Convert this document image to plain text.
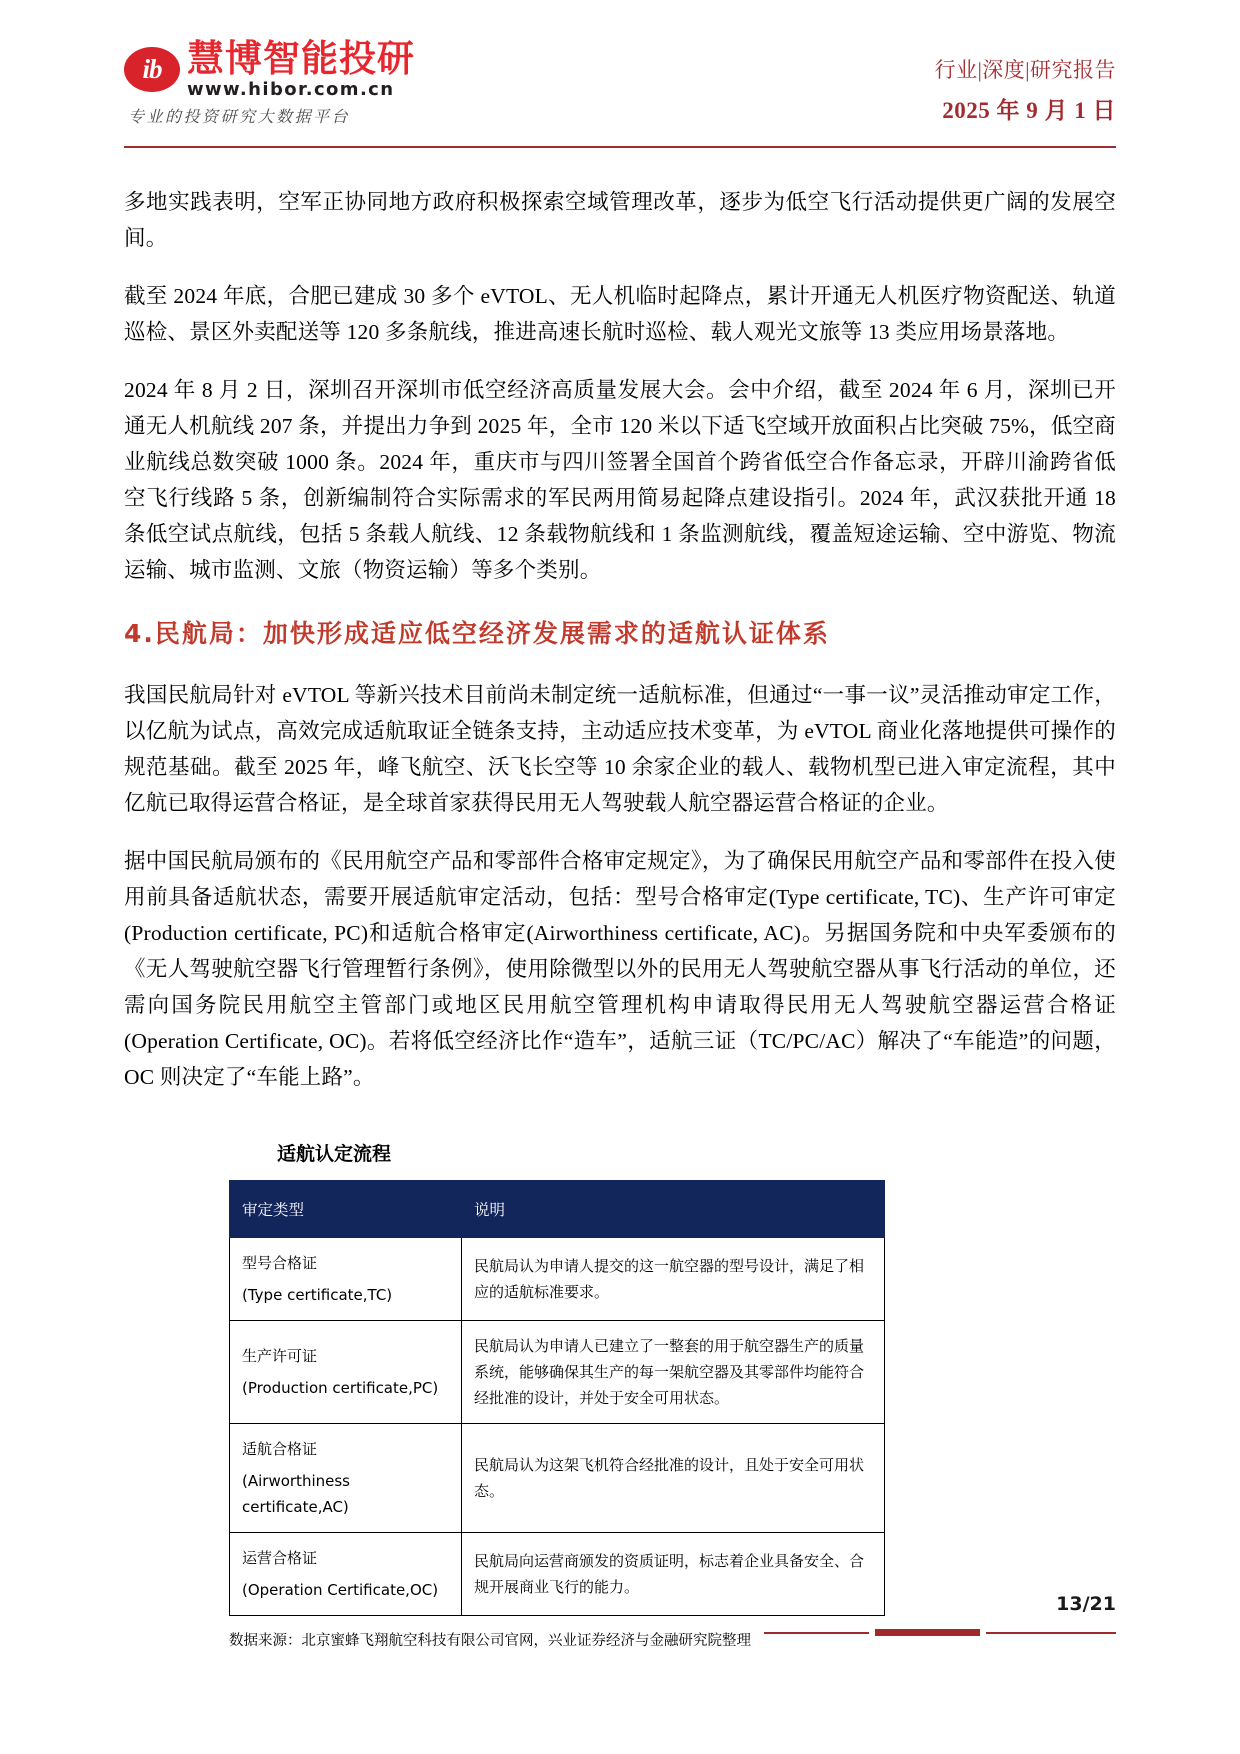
ib 慧博智能投研
www.hibor.com.cn
专业的投资研究大数据平台
行业|深度|研究报告
2025 年 9 月 1 日

多地实践表明，空军正协同地方政府积极探索空域管理改革，逐步为低空飞行活动提供更广阔的发展空间。

截至 2024 年底，合肥已建成 30 多个 eVTOL、无人机临时起降点，累计开通无人机医疗物资配送、轨道巡检、景区外卖配送等 120 多条航线，推进高速长航时巡检、载人观光文旅等 13 类应用场景落地。

2024 年 8 月 2 日，深圳召开深圳市低空经济高质量发展大会。会中介绍，截至 2024 年 6 月，深圳已开通无人机航线 207 条，并提出力争到 2025 年，全市 120 米以下适飞空域开放面积占比突破 75%，低空商业航线总数突破 1000 条。2024 年，重庆市与四川签署全国首个跨省低空合作备忘录，开辟川渝跨省低空飞行线路 5 条，创新编制符合实际需求的军民两用简易起降点建设指引。2024 年，武汉获批开通 18 条低空试点航线，包括 5 条载人航线、12 条载物航线和 1 条监测航线，覆盖短途运输、空中游览、物流运输、城市监测、文旅（物资运输）等多个类别。

4.民航局：加快形成适应低空经济发展需求的适航认证体系

我国民航局针对 eVTOL 等新兴技术目前尚未制定统一适航标准，但通过“一事一议”灵活推动审定工作，以亿航为试点，高效完成适航取证全链条支持，主动适应技术变革，为 eVTOL 商业化落地提供可操作的规范基础。截至 2025 年，峰飞航空、沃飞长空等 10 余家企业的载人、载物机型已进入审定流程，其中亿航已取得运营合格证，是全球首家获得民用无人驾驶载人航空器运营合格证的企业。

据中国民航局颁布的《民用航空产品和零部件合格审定规定》，为了确保民用航空产品和零部件在投入使用前具备适航状态，需要开展适航审定活动，包括：型号合格审定(Type certificate, TC)、生产许可审定(Production certificate, PC)和适航合格审定(Airworthiness certificate, AC)。另据国务院和中央军委颁布的《无人驾驶航空器飞行管理暂行条例》，使用除微型以外的民用无人驾驶航空器从事飞行活动的单位，还需向国务院民用航空主管部门或地区民用航空管理机构申请取得民用无人驾驶航空器运营合格证(Operation Certificate, OC)。若将低空经济比作“造车”，适航三证（TC/PC/AC）解决了“车能造”的问题，OC 则决定了“车能上路”。

适航认定流程
审定类型	说明

型号合格证
(Type certificate,TC)	民航局认为申请人提交的这一航空器的型号设计，满足了相应的适航标准要求。

生产许可证
(Production certificate,PC)	民航局认为申请人已建立了一整套的用于航空器生产的质量系统，能够确保其生产的每一架航空器及其零部件均能符合经批准的设计，并处于安全可用状态。

适航合格证
(Airworthiness certificate,AC)	民航局认为这架飞机符合经批准的设计，且处于安全可用状态。

运营合格证
(Operation Certificate,OC)	民航局向运营商颁发的资质证明，标志着企业具备安全、合规开展商业飞行的能力。
数据来源：北京蜜蜂飞翔航空科技有限公司官网，兴业证券经济与金融研究院整理
13/21
